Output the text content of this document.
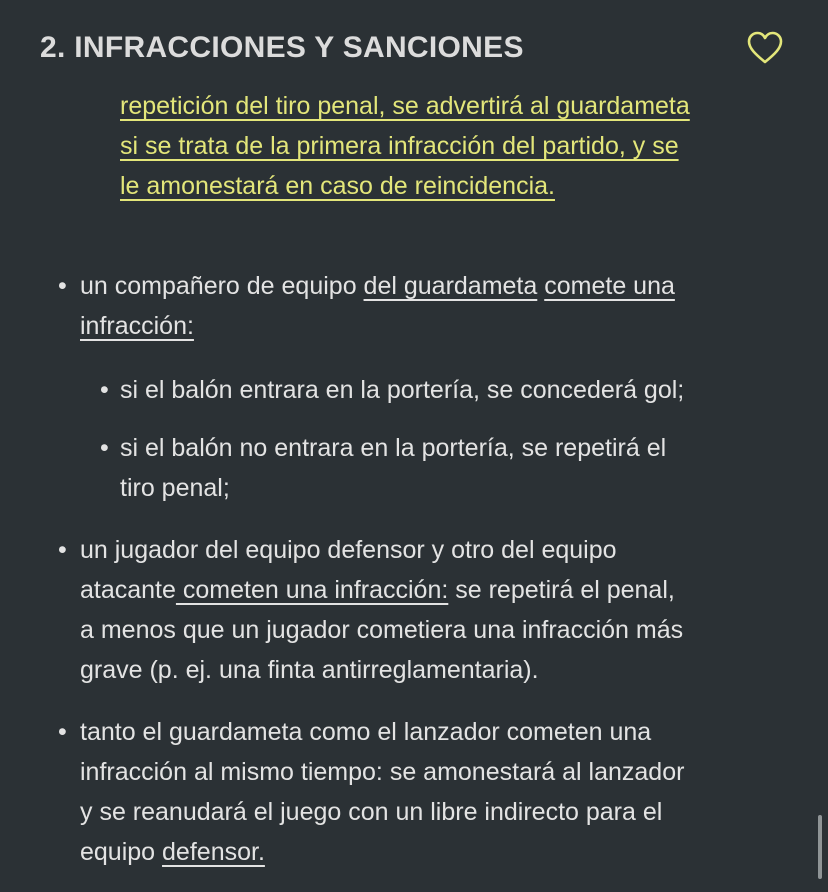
2. INFRACCIONES Y SANCIONES
repetición del tiro penal, se advertirá al guardameta
si se trata de la primera infracción del partido, y se
le amonestará en caso de reincidencia.
• un compañero de equipo del guardameta comete una
infracción:
• si el balón entrara en la portería, se concederá gol;
• si el balón no entrara en la portería, se repetirá el
tiro penal;
• un jugador del equipo defensor y otro del equipo
atacante cometen una infracción: se repetirá el penal,
a menos que un jugador cometiera una infracción más
grave (p. ej. una finta antirreglamentaria).
• tanto el guardameta como el lanzador cometen una
infracción al mismo tiempo: se amonestará al lanzador
y se reanudará el juego con un libre indirecto para el
equipo defensor.
